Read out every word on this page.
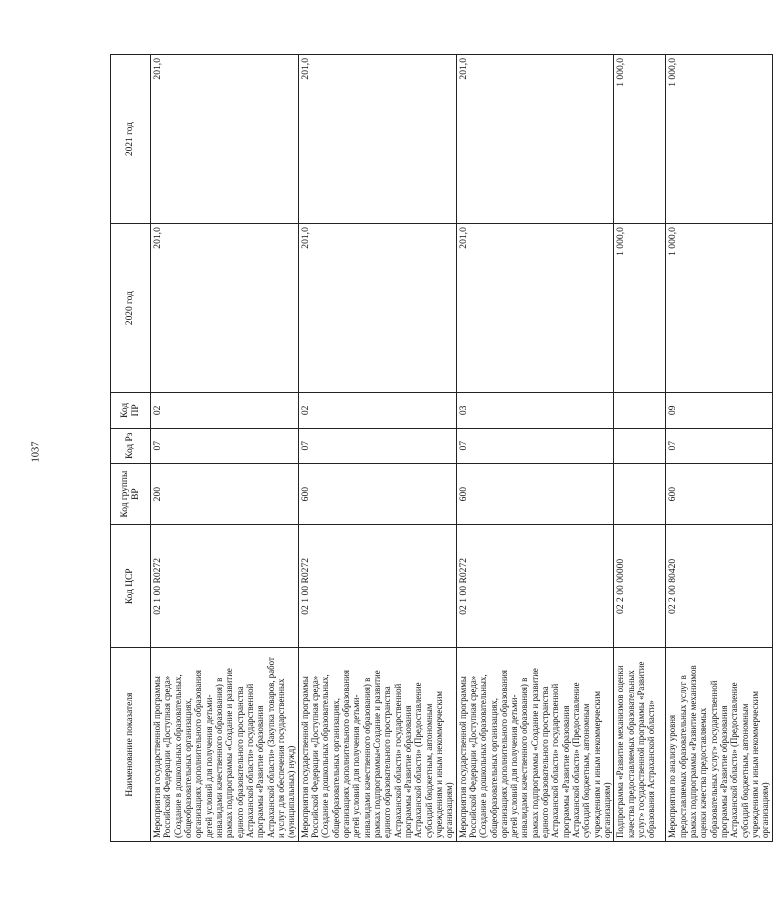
1037
Наименование показателя	Код ЦСР	Код группы ВР	Код Рз	Код ПР	2020 год	2021 год
Мероприятия государственной программы Российской Федерации «Доступная среда» (Создание в дошкольных образовательных, общеобразовательных организациях, организациях дополнительного образования детей условий для получения детьми-инвалидами качественного образования) в рамках подпрограммы «Создание и развитие единого образовательного пространства Астраханской области» государственной программы «Развитие образования Астраханской области» (Закупка товаров, работ и услуг для обеспечения государственных (муниципальных) нужд)	02 1 00 R0272	200	07	02	201,0	201,0
Мероприятия государственной программы Российской Федерации «Доступная среда» (Создание в дошкольных образовательных, общеобразовательных организациях, организациях дополнительного образования детей условий для получения детьми-инвалидами качественного образования) в рамках подпрограммы«Создание и развитие единого образовательного пространства Астраханской области» государственной программы «Развитие образования Астраханской области» (Предоставление субсидий бюджетным, автономным учреждениям и иным некоммерческим организациям)	02 1 00 R0272	600	07	02	201,0	201,0
Мероприятия государственной программы Российской Федерации «Доступная среда» (Создание в дошкольных образовательных, общеобразовательных организациях, организациях дополнительного образования детей условий для получения детьми-инвалидами качественного образования) в рамках подпрограммы «Создание и развитие единого образовательного пространства Астраханской области» государственной программы «Развитие образования Астраханской области» (Предоставление субсидий бюджетным, автономным учреждениям и иным некоммерческим организациям)	02 1 00 R0272	600	07	03	201,0	201,0
Подпрограмма «Развитие механизмов оценки качества предоставляемых образовательных услуг» государственной программы «Развитие образования Астраханской области»	02 2 00 00000				1 000,0	1 000,0
Мероприятия по анализу уровня предоставляемых образовательных услуг в рамках подпрограммы «Развитие механизмов оценки качества предоставляемых образовательных услуг» государственной программы «Развитие образования Астраханской области» (Предоставление субсидий бюджетным, автономным учреждениям и иным некоммерческим организациям)	02 2 00 80420	600	07	09	1 000,0	1 000,0
